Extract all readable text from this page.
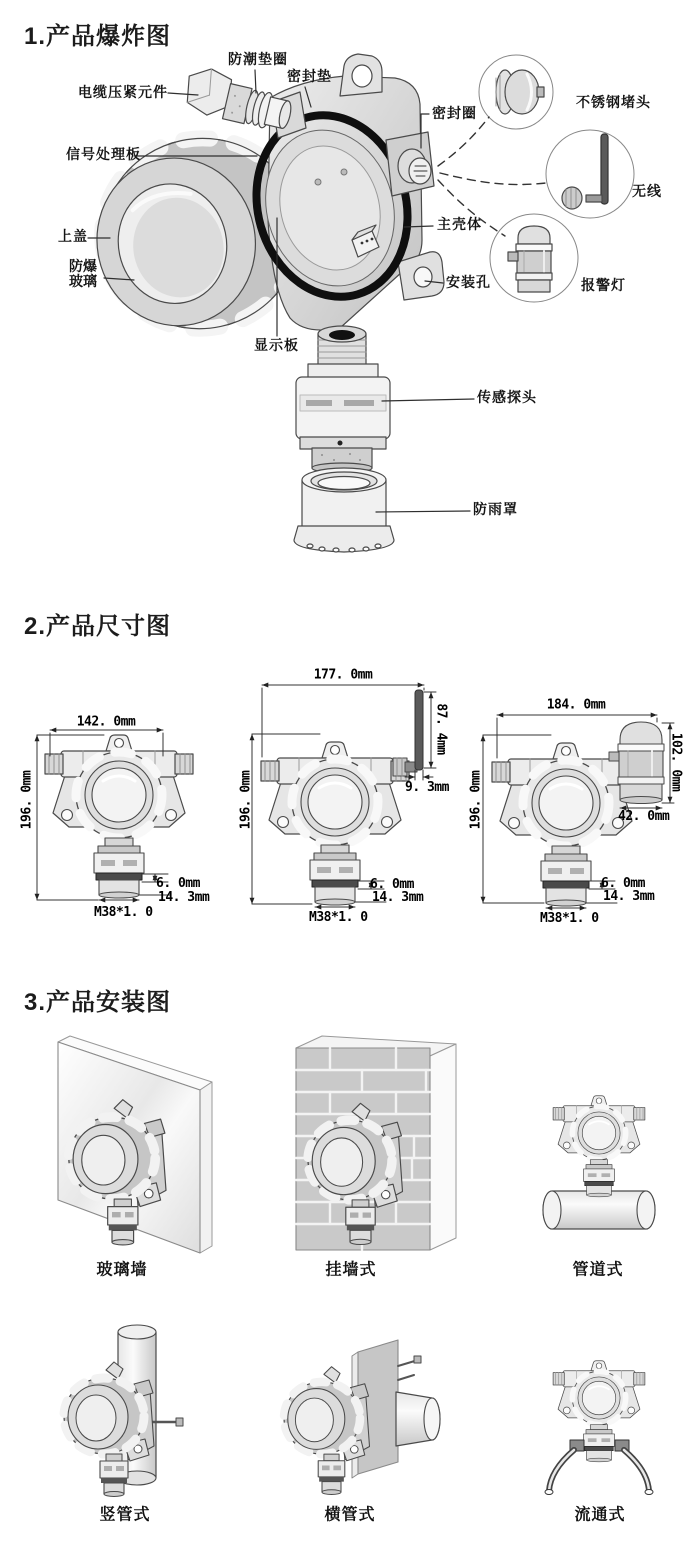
1.产品爆炸图
2.产品尺寸图
3.产品安装图
电缆压紧元件
防潮垫圈
密封垫
密封圈
不锈钢堵头
信号处理板
无线
上盖
主壳体
防爆玻璃	安装孔	报警灯
显示板
传感探头
防雨罩
142. 0mm
196. 0mm
6. 0mm
14. 3mm
M38*1. 0
177. 0mm
196. 0mm
87. 4mm
9. 3mm
6. 0mm
14. 3mm
M38*1. 0
184. 0mm
196. 0mm
102. 0mm
42. 0mm
6. 0mm
14. 3mm
M38*1. 0
玻璃墙	挂墙式	管道式
竖管式	横管式	流通式
